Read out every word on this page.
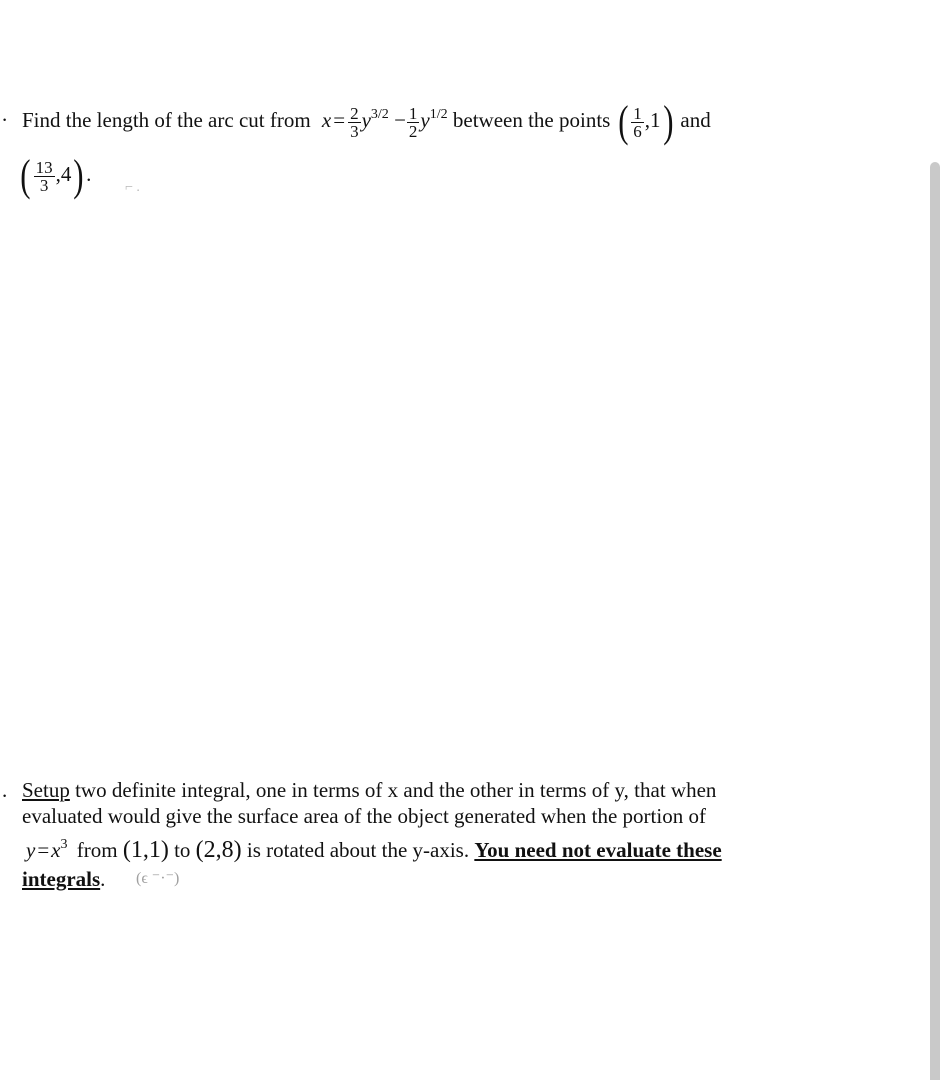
. Find the length of the arc cut from $x= \frac{2}{3} y^{3/2} - \frac{1}{2} y^{1/2}$ between the points ( $\frac{1}{6} ,1$) and
( $\frac{13}{3} ,4$) .
⌐ .
. Setup two definite integral, one in terms of x and the other in terms of y, that when
evaluated would give the surface area of the object generated when the portion of
$y=x^3$ from (1,1) to (2,8) is rotated about the y-axis. You need not evaluate these
integrals. (ϵ ⁻·⁻)
